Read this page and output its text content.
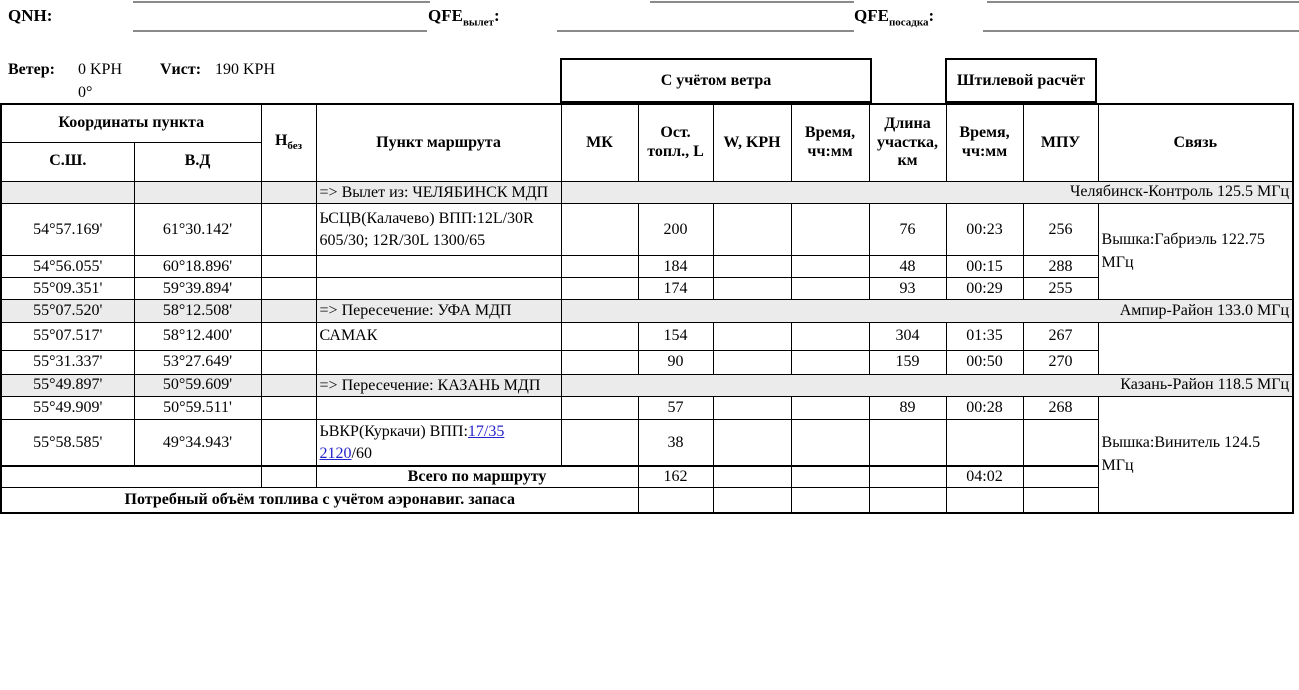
QNH:	$QFE_{вылет}$:	$QFE_{посадка}$:
Ветер: 0 KPH Vист: 190 KPH
0°
С учётом ветра	Штилевой расчёт
Координаты пункта		$Н_{без}$	Пункт маршрута	МК	Ост. топл., L	W, KPH	Время, чч:мм	Длина участка, км	Время, чч:мм	МПУ	Связь
С.Ш.	В.Д										
			=> Вылет из: ЧЕЛЯБИНСК МДП	Челябинск-Контроль 125.5 МГц							
54°57.169'	61°30.142'		ЬСЦВ(Калачево) ВПП:12L/30R 605/30; 12R/30L 1300/65		200			76	00:23	256	Вышка:Габриэль 122.75 МГц
54°56.055'	60°18.896'				184			48	00:15	288	
55°09.351'	59°39.894'				174			93	00:29	255	
55°07.520'	58°12.508'		=> Пересечение: УФА МДП	Ампир-Район 133.0 МГц							
55°07.517'	58°12.400'		САМАК		154			304	01:35	267	
55°31.337'	53°27.649'				90			159	00:50	270	
55°49.897'	50°59.609'		=> Пересечение: КАЗАНЬ МДП	Казань-Район 118.5 МГц							
55°49.909'	50°59.511'				57			89	00:28	268	Вышка:Винитель 124.5 МГц
55°58.585'	49°34.943'		ЬВКР(Куркачи) ВПП:17/35 2120/60		38						
			Всего по маршруту		162				04:02		
Потребный объём топлива с учётом аэронавиг. запаса											
